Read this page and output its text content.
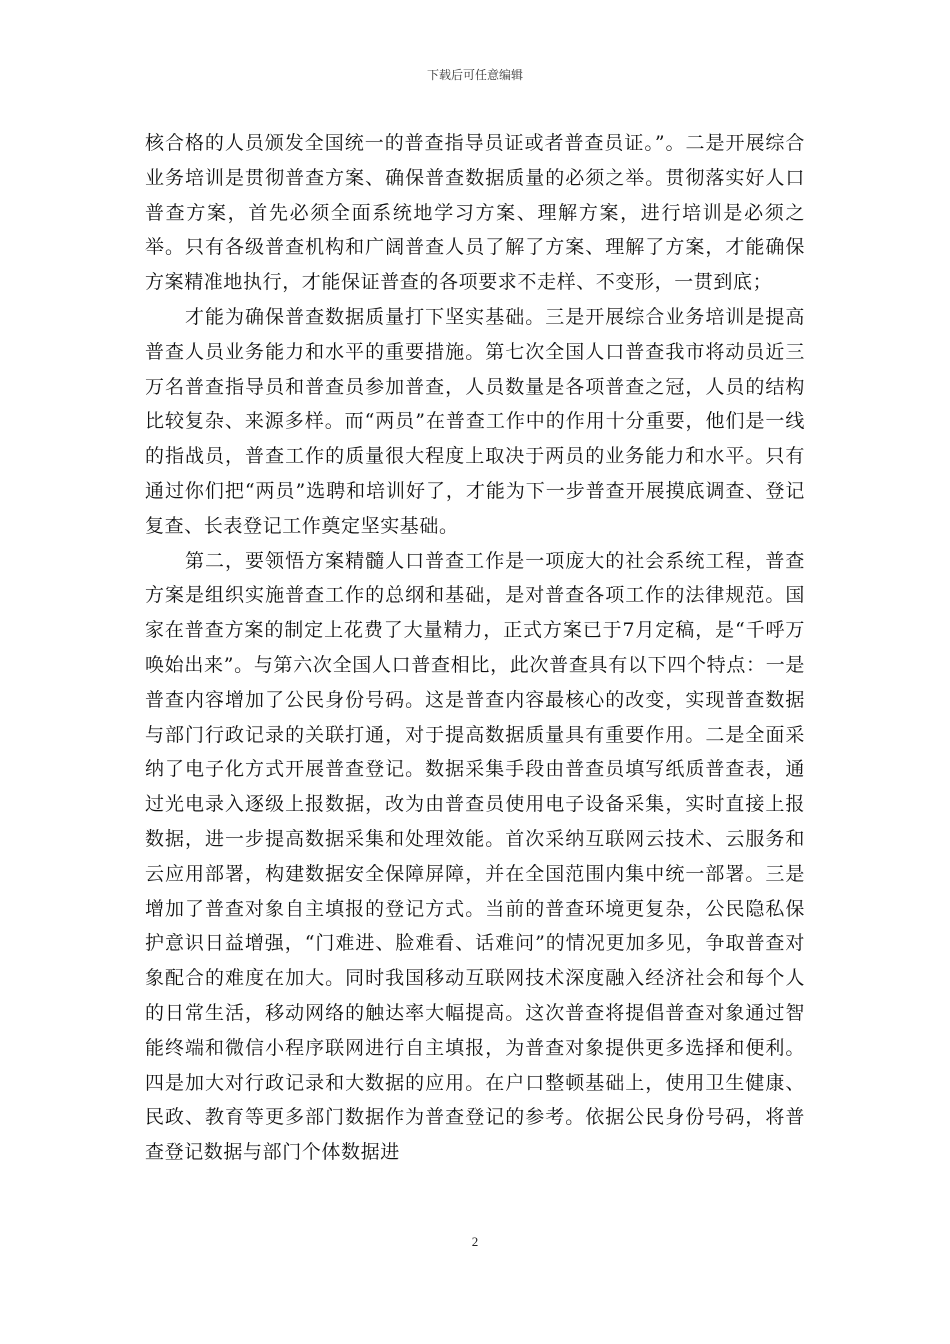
下载后可任意编辑

核合格的人员颁发全国统一的普查指导员证或者普查员证。”。二是开展综合业务培训是贯彻普查方案、确保普查数据质量的必须之举。贯彻落实好人口普查方案，首先必须全面系统地学习方案、理解方案，进行培训是必须之举。只有各级普查机构和广阔普查人员了解了方案、理解了方案，才能确保方案精准地执行，才能保证普查的各项要求不走样、不变形，一贯到底；

才能为确保普查数据质量打下坚实基础。三是开展综合业务培训是提高普查人员业务能力和水平的重要措施。第七次全国人口普查我市将动员近三万名普查指导员和普查员参加普查，人员数量是各项普查之冠，人员的结构比较复杂、来源多样。而“两员”在普查工作中的作用十分重要，他们是一线的指战员，普查工作的质量很大程度上取决于两员的业务能力和水平。只有通过你们把“两员”选聘和培训好了，才能为下一步普查开展摸底调查、登记复查、长表登记工作奠定坚实基础。

第二，要领悟方案精髓人口普查工作是一项庞大的社会系统工程，普查方案是组织实施普查工作的总纲和基础，是对普查各项工作的法律规范。国家在普查方案的制定上花费了大量精力，正式方案已于7月定稿，是“千呼万唤始出来”。与第六次全国人口普查相比，此次普查具有以下四个特点：一是普查内容增加了公民身份号码。这是普查内容最核心的改变，实现普查数据与部门行政记录的关联打通，对于提高数据质量具有重要作用。二是全面采纳了电子化方式开展普查登记。数据采集手段由普查员填写纸质普查表，通过光电录入逐级上报数据，改为由普查员使用电子设备采集，实时直接上报数据，进一步提高数据采集和处理效能。首次采纳互联网云技术、云服务和云应用部署，构建数据安全保障屏障，并在全国范围内集中统一部署。三是增加了普查对象自主填报的登记方式。当前的普查环境更复杂，公民隐私保护意识日益增强，“门难进、脸难看、话难问”的情况更加多见，争取普查对象配合的难度在加大。同时我国移动互联网技术深度融入经济社会和每个人的日常生活，移动网络的触达率大幅提高。这次普查将提倡普查对象通过智能终端和微信小程序联网进行自主填报，为普查对象提供更多选择和便利。四是加大对行政记录和大数据的应用。在户口整顿基础上，使用卫生健康、民政、教育等更多部门数据作为普查登记的参考。依据公民身份号码，将普查登记数据与部门个体数据进

2
